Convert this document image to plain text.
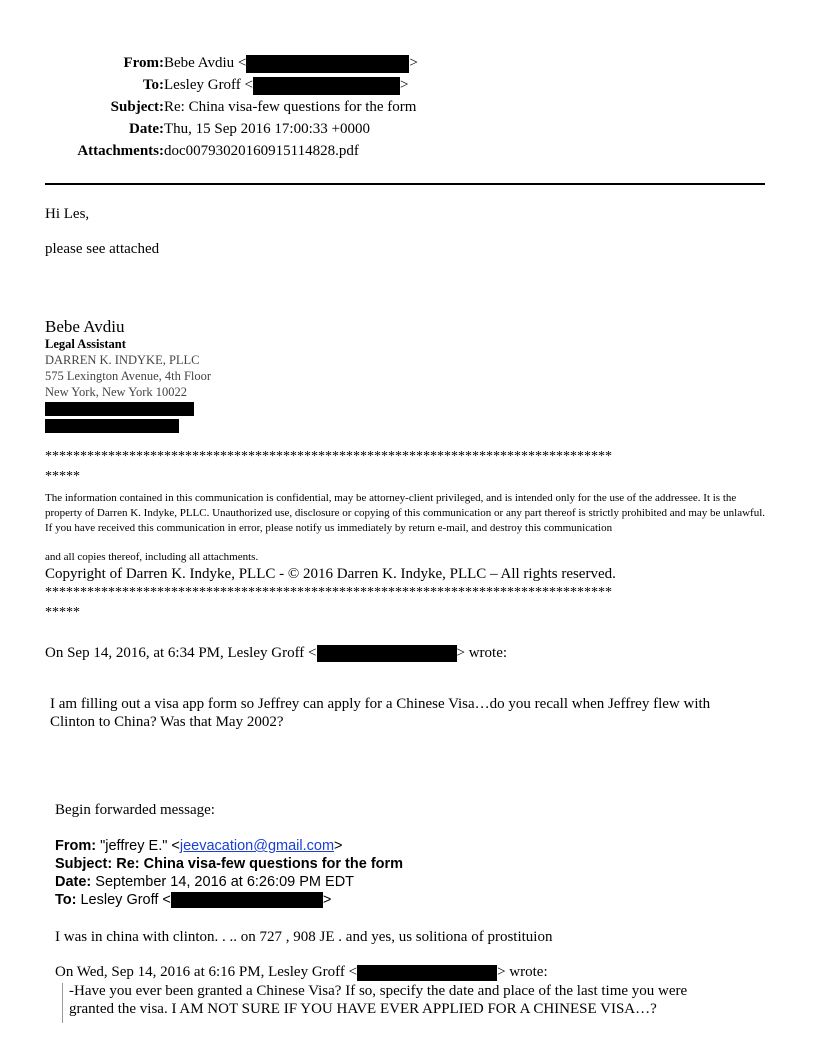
From: Bebe Avdiu <	>
To: Lesley Groff <	>
Subject: Re: China visa-few questions for the form
Date: Thu, 15 Sep 2016 17:00:33 +0000
Attachments: doc00793020160915114828.pdf
Hi Les,
please see attached
Bebe Avdiu
Legal Assistant
DARREN K. INDYKE, PLLC
575 Lexington Avenue, 4th Floor
New York, New York 10022
*********************************************************************************
*****
The information contained in this communication is confidential, may be attorney-client privileged, and is intended only for the use of the addressee. It is the property of Darren K. Indyke, PLLC. Unauthorized use, disclosure or copying of this communication or any part thereof is strictly prohibited and may be unlawful. If you have received this communication in error, please notify us immediately by return e-mail, and destroy this communication
and all copies thereof, including all attachments.
Copyright of Darren K. Indyke, PLLC - © 2016 Darren K. Indyke, PLLC – All rights reserved.
*********************************************************************************
*****
On Sep 14, 2016, at 6:34 PM, Lesley Groff <	> wrote:
I am filling out a visa app form so Jeffrey can apply for a Chinese Visa…do you recall when Jeffrey flew with
Clinton to China? Was that May 2002?
Begin forwarded message:
From: "jeffrey E." <jeevacation@gmail.com>
Subject: Re: China visa-few questions for the form
Date: September 14, 2016 at 6:26:09 PM EDT
To: Lesley Groff <	>
I was in china with clinton. . .. on 727 , 908 JE . and yes, us solitiona of prostituion
On Wed, Sep 14, 2016 at 6:16 PM, Lesley Groff <	> wrote:
-Have you ever been granted a Chinese Visa? If so, specify the date and place of the last time you were
granted the visa. I AM NOT SURE IF YOU HAVE EVER APPLIED FOR A CHINESE VISA…?
